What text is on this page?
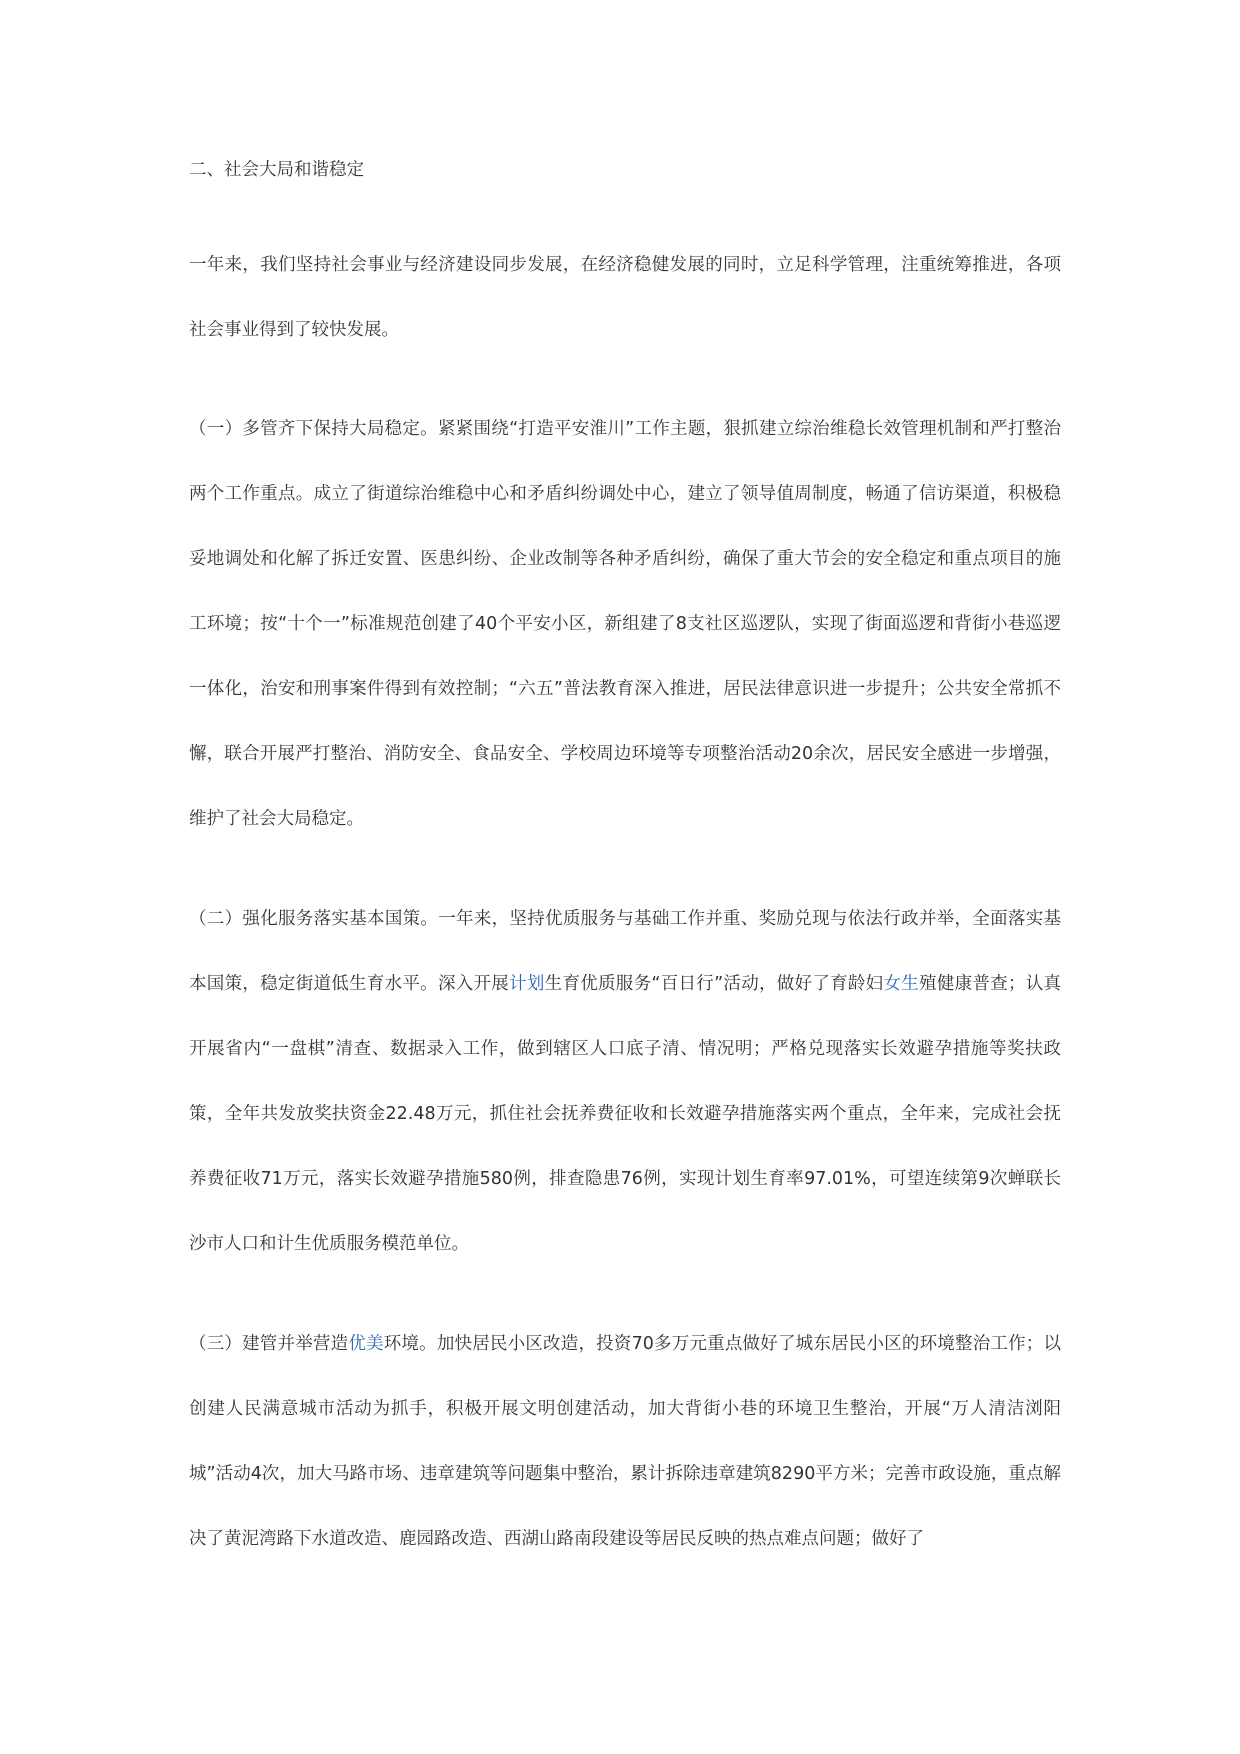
二、社会大局和谐稳定

一年来，我们坚持社会事业与经济建设同步发展，在经济稳健发展的同时，立足科学管理，注重统筹推进，各项社会事业得到了较快发展。

（一）多管齐下保持大局稳定。紧紧围绕“打造平安淮川”工作主题，狠抓建立综治维稳长效管理机制和严打整治两个工作重点。成立了街道综治维稳中心和矛盾纠纷调处中心，建立了领导值周制度，畅通了信访渠道，积极稳妥地调处和化解了拆迁安置、医患纠纷、企业改制等各种矛盾纠纷，确保了重大节会的安全稳定和重点项目的施工环境；按“十个一”标准规范创建了40个平安小区，新组建了8支社区巡逻队，实现了街面巡逻和背街小巷巡逻一体化，治安和刑事案件得到有效控制；“六五”普法教育深入推进，居民法律意识进一步提升；公共安全常抓不懈，联合开展严打整治、消防安全、食品安全、学校周边环境等专项整治活动20余次，居民安全感进一步增强，维护了社会大局稳定。

（二）强化服务落实基本国策。一年来，坚持优质服务与基础工作并重、奖励兑现与依法行政并举，全面落实基本国策，稳定街道低生育水平。深入开展计划生育优质服务“百日行”活动，做好了育龄妇女生殖健康普查；认真开展省内“一盘棋”清查、数据录入工作，做到辖区人口底子清、情况明；严格兑现落实长效避孕措施等奖扶政策，全年共发放奖扶资金22.48万元，抓住社会抚养费征收和长效避孕措施落实两个重点，全年来，完成社会抚养费征收71万元，落实长效避孕措施580例，排查隐患76例，实现计划生育率97.01%，可望连续第9次蝉联长沙市人口和计生优质服务模范单位。

（三）建管并举营造优美环境。加快居民小区改造，投资70多万元重点做好了城东居民小区的环境整治工作；以创建人民满意城市活动为抓手，积极开展文明创建活动，加大背街小巷的环境卫生整治，开展“万人清洁浏阳城”活动4次，加大马路市场、违章建筑等问题集中整治，累计拆除违章建筑8290平方米；完善市政设施，重点解决了黄泥湾路下水道改造、鹿园路改造、西湖山路南段建设等居民反映的热点难点问题；做好了
